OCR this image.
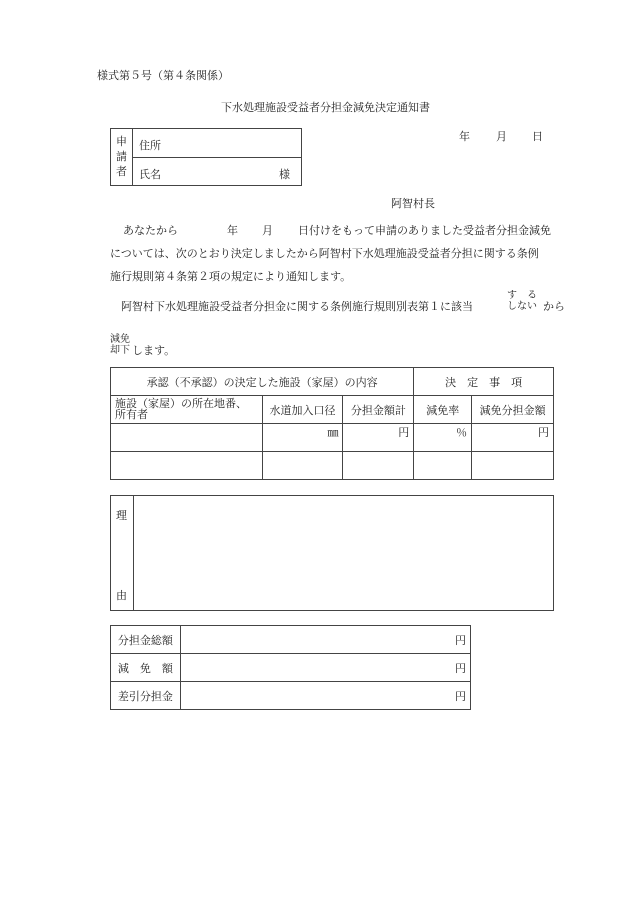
様式第５号（第４条関係）
下水処理施設受益者分担金減免決定通知書
申
請
者
住所
氏名	様
年 月 日
阿智村長
あなたから	年 月 日付けをもって申請のありました受益者分担金減免
については、次のとおり決定しましたから阿智村下水処理施設受益者分担に関する条例
施行規則第４条第２項の規定により通知します。
阿智村下水処理施設受益者分担金に関する条例施行規則別表第１に該当
す　る
しない から
減免
却下 します。
承認（不承認）の決定した施設（家屋）の内容			決　定　事　項	

施設（家屋）の所在地番、
所有者	水道加入口径	分担金額計	減免率	減免分担金額
	㎜	円	％	円

理
由
分担金総額	円
減　免　額	円
差引分担金	円
